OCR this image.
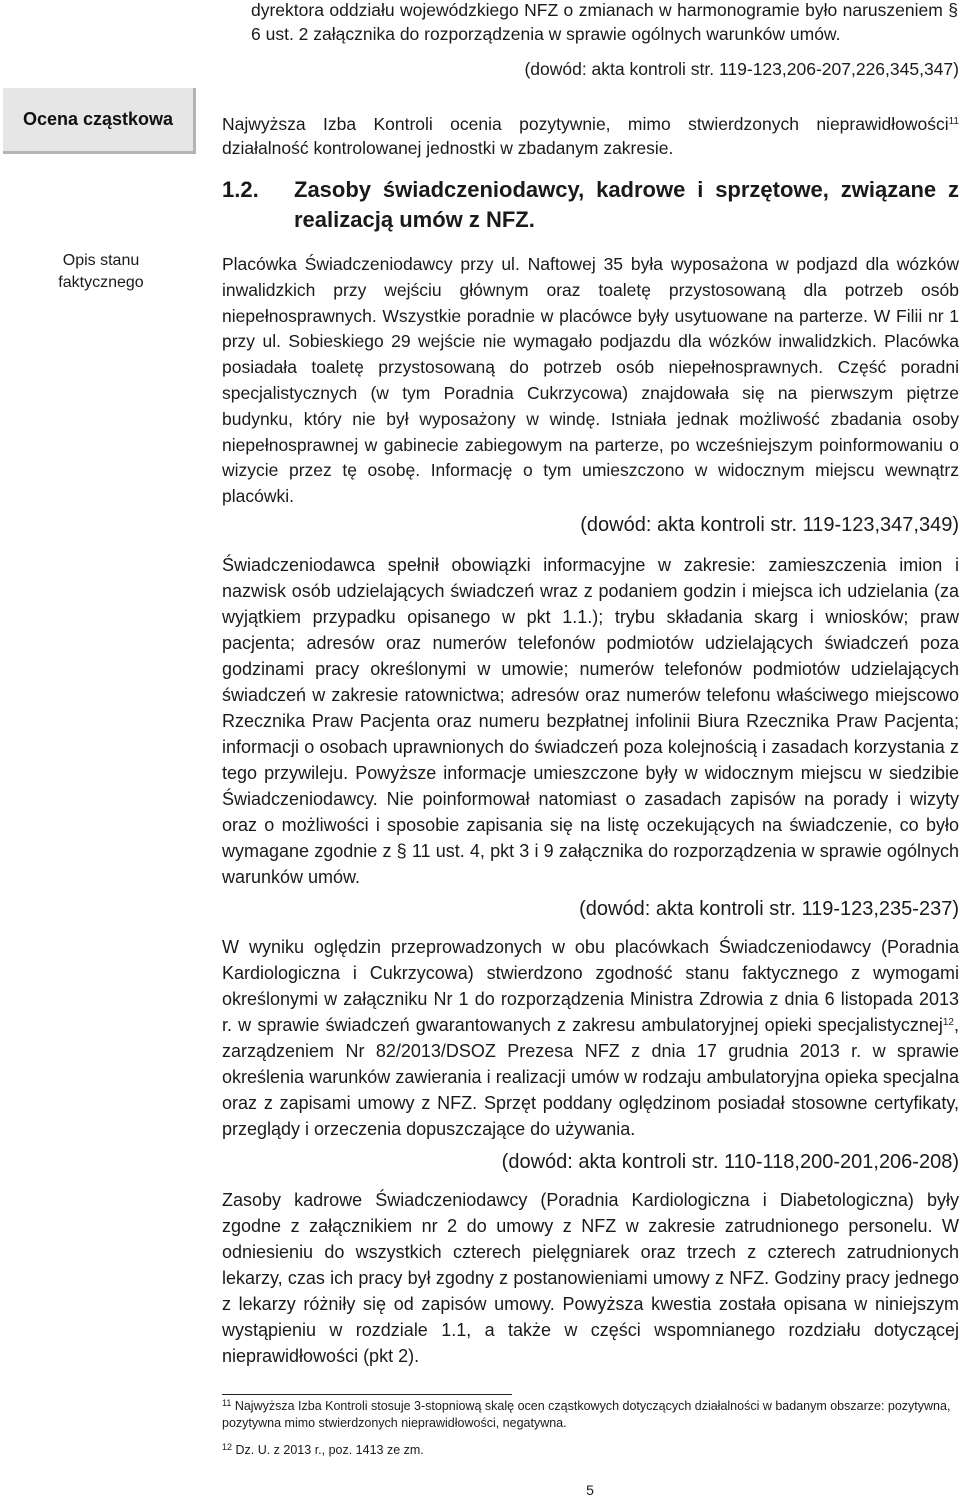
Ocena cząstkowa
Opis stanu
faktycznego

dyrektora oddziału wojewódzkiego NFZ o zmianach w harmonogramie było naruszeniem § 6 ust. 2 załącznika do rozporządzenia w sprawie ogólnych warunków umów.

(dowód: akta kontroli str. 119-123,206-207,226,345,347)

Najwyższa Izba Kontroli ocenia pozytywnie, mimo stwierdzonych nieprawidłowości$^{11}$ działalność kontrolowanej jednostki w zbadanym zakresie.

1.2.	Zasoby świadczeniodawcy, kadrowe i sprzętowe, związane z realizacją umów z NFZ.

Placówka Świadczeniodawcy przy ul. Naftowej 35 była wyposażona w podjazd dla wózków inwalidzkich przy wejściu głównym oraz toaletę przystosowaną dla potrzeb osób niepełnosprawnych. Wszystkie poradnie w placówce były usytuowane na parterze. W Filii nr 1 przy ul. Sobieskiego 29 wejście nie wymagało podjazdu dla wózków inwalidzkich. Placówka posiadała toaletę przystosowaną do potrzeb osób niepełnosprawnych. Część poradni specjalistycznych (w tym Poradnia Cukrzycowa) znajdowała się na pierwszym piętrze budynku, który nie był wyposażony w windę. Istniała jednak możliwość zbadania osoby niepełnosprawnej w gabinecie zabiegowym na parterze, po wcześniejszym poinformowaniu o wizycie przez tę osobę. Informację o tym umieszczono w widocznym miejscu wewnątrz placówki.

(dowód: akta kontroli str. 119-123,347,349)

Świadczeniodawca spełnił obowiązki informacyjne w zakresie: zamieszczenia imion i nazwisk osób udzielających świadczeń wraz z podaniem godzin i miejsca ich udzielania (za wyjątkiem przypadku opisanego w pkt 1.1.); trybu składania skarg i wniosków; praw pacjenta; adresów oraz numerów telefonów podmiotów udzielających świadczeń poza godzinami pracy określonymi w umowie; numerów telefonów podmiotów udzielających świadczeń w zakresie ratownictwa; adresów oraz numerów telefonu właściwego miejscowo Rzecznika Praw Pacjenta oraz numeru bezpłatnej infolinii Biura Rzecznika Praw Pacjenta; informacji o osobach uprawnionych do świadczeń poza kolejnością i zasadach korzystania z tego przywileju. Powyższe informacje umieszczone były w widocznym miejscu w siedzibie Świadczeniodawcy. Nie poinformował natomiast o zasadach zapisów na porady i wizyty oraz o możliwości i sposobie zapisania się na listę oczekujących na świadczenie, co było wymagane zgodnie z § 11 ust. 4, pkt 3 i 9 załącznika do rozporządzenia w sprawie ogólnych warunków umów.

(dowód: akta kontroli str. 119-123,235-237)

W wyniku oględzin przeprowadzonych w obu placówkach Świadczeniodawcy (Poradnia Kardiologiczna i Cukrzycowa) stwierdzono zgodność stanu faktycznego z wymogami określonymi w załączniku Nr 1 do rozporządzenia Ministra Zdrowia z dnia 6 listopada 2013 r. w sprawie świadczeń gwarantowanych z zakresu ambulatoryjnej opieki specjalistycznej$^{12}$, zarządzeniem Nr 82/2013/DSOZ Prezesa NFZ z dnia 17 grudnia 2013 r. w sprawie określenia warunków zawierania i realizacji umów w rodzaju ambulatoryjna opieka specjalna oraz z zapisami umowy z NFZ. Sprzęt poddany oględzinom posiadał stosowne certyfikaty, przeglądy i orzeczenia dopuszczające do używania.

(dowód: akta kontroli str. 110-118,200-201,206-208)

Zasoby kadrowe Świadczeniodawcy (Poradnia Kardiologiczna i Diabetologiczna) były zgodne z załącznikiem nr 2 do umowy z NFZ w zakresie zatrudnionego personelu. W odniesieniu do wszystkich czterech pielęgniarek oraz trzech z czterech zatrudnionych lekarzy, czas ich pracy był zgodny z postanowieniami umowy z NFZ. Godziny pracy jednego z lekarzy różniły się od zapisów umowy. Powyższa kwestia została opisana w niniejszym wystąpieniu w rozdziale 1.1, a także w części wspomnianego rozdziału dotyczącej nieprawidłowości (pkt 2).

$^{11}$ Najwyższa Izba Kontroli stosuje 3-stopniową skalę ocen cząstkowych dotyczących działalności w badanym obszarze: pozytywna, pozytywna mimo stwierdzonych nieprawidłowości, negatywna.
$^{12}$ Dz. U. z 2013 r., poz. 1413 ze zm.
5
